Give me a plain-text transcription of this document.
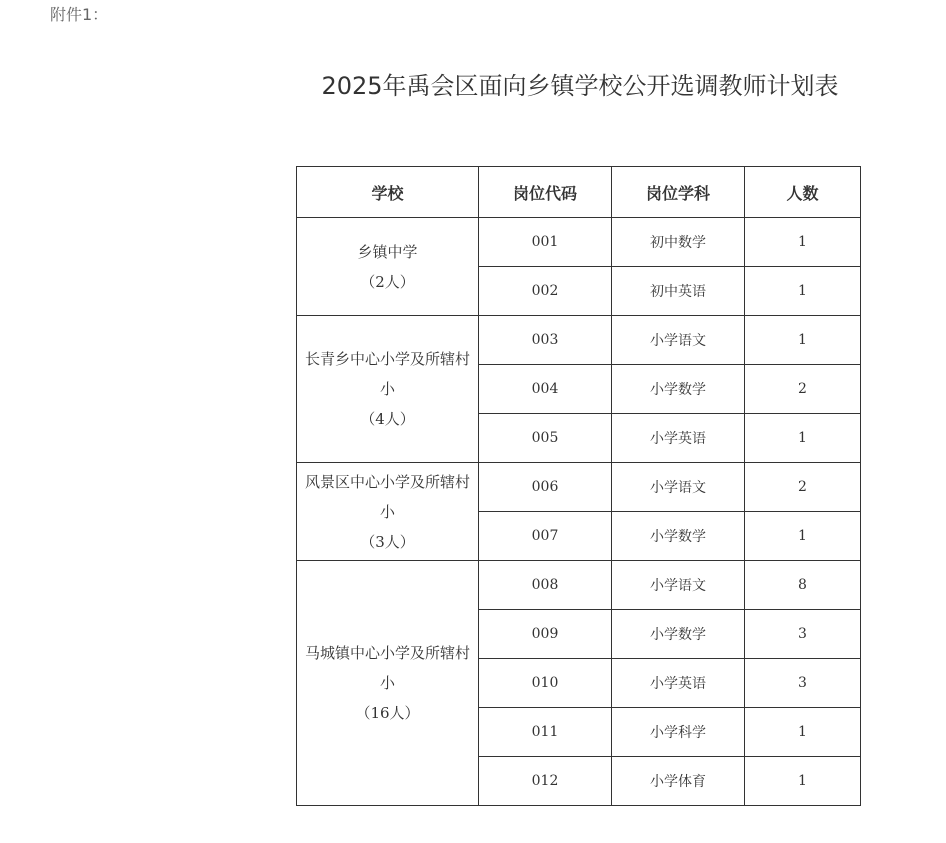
附件1：
2025年禹会区面向乡镇学校公开选调教师计划表
学校	岗位代码	岗位学科	人数

乡镇中学
（2人）	001	初中数学	1
	002	初中英语	1

长青乡中心小学及所辖村小
（4人）	003	小学语文	1
	004	小学数学	2
	005	小学英语	1

风景区中心小学及所辖村小
（3人）	006	小学语文	2
	007	小学数学	1

马城镇中心小学及所辖村小
（16人）	008	小学语文	8
	009	小学数学	3
	010	小学英语	3
	011	小学科学	1
	012	小学体育	1
